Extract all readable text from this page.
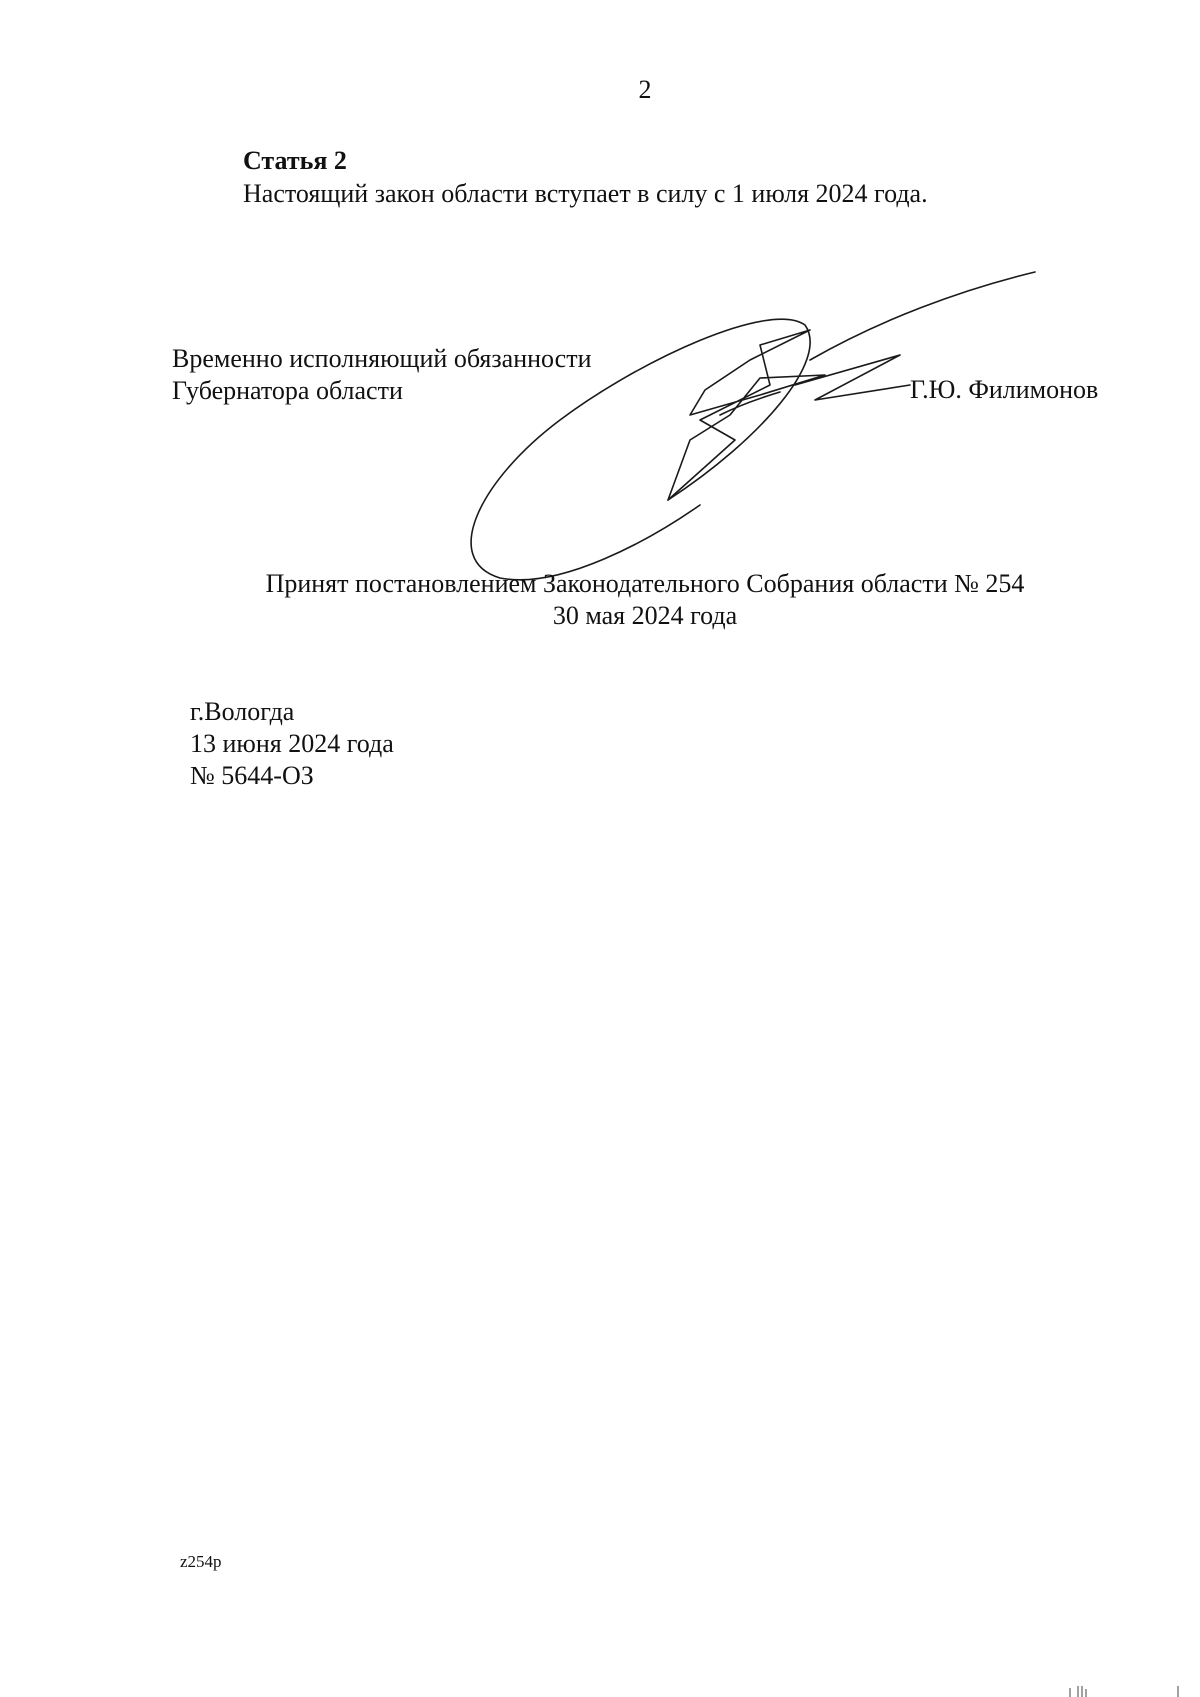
2
Статья 2
Настоящий закон области вступает в силу с 1 июля 2024 года.
Временно исполняющий обязанности
Губернатора области	Г.Ю. Филимонов
Принят постановлением Законодательного Собрания области № 254
30 мая 2024 года
г.Вологда
13 июня 2024 года
№ 5644-ОЗ
z254p
